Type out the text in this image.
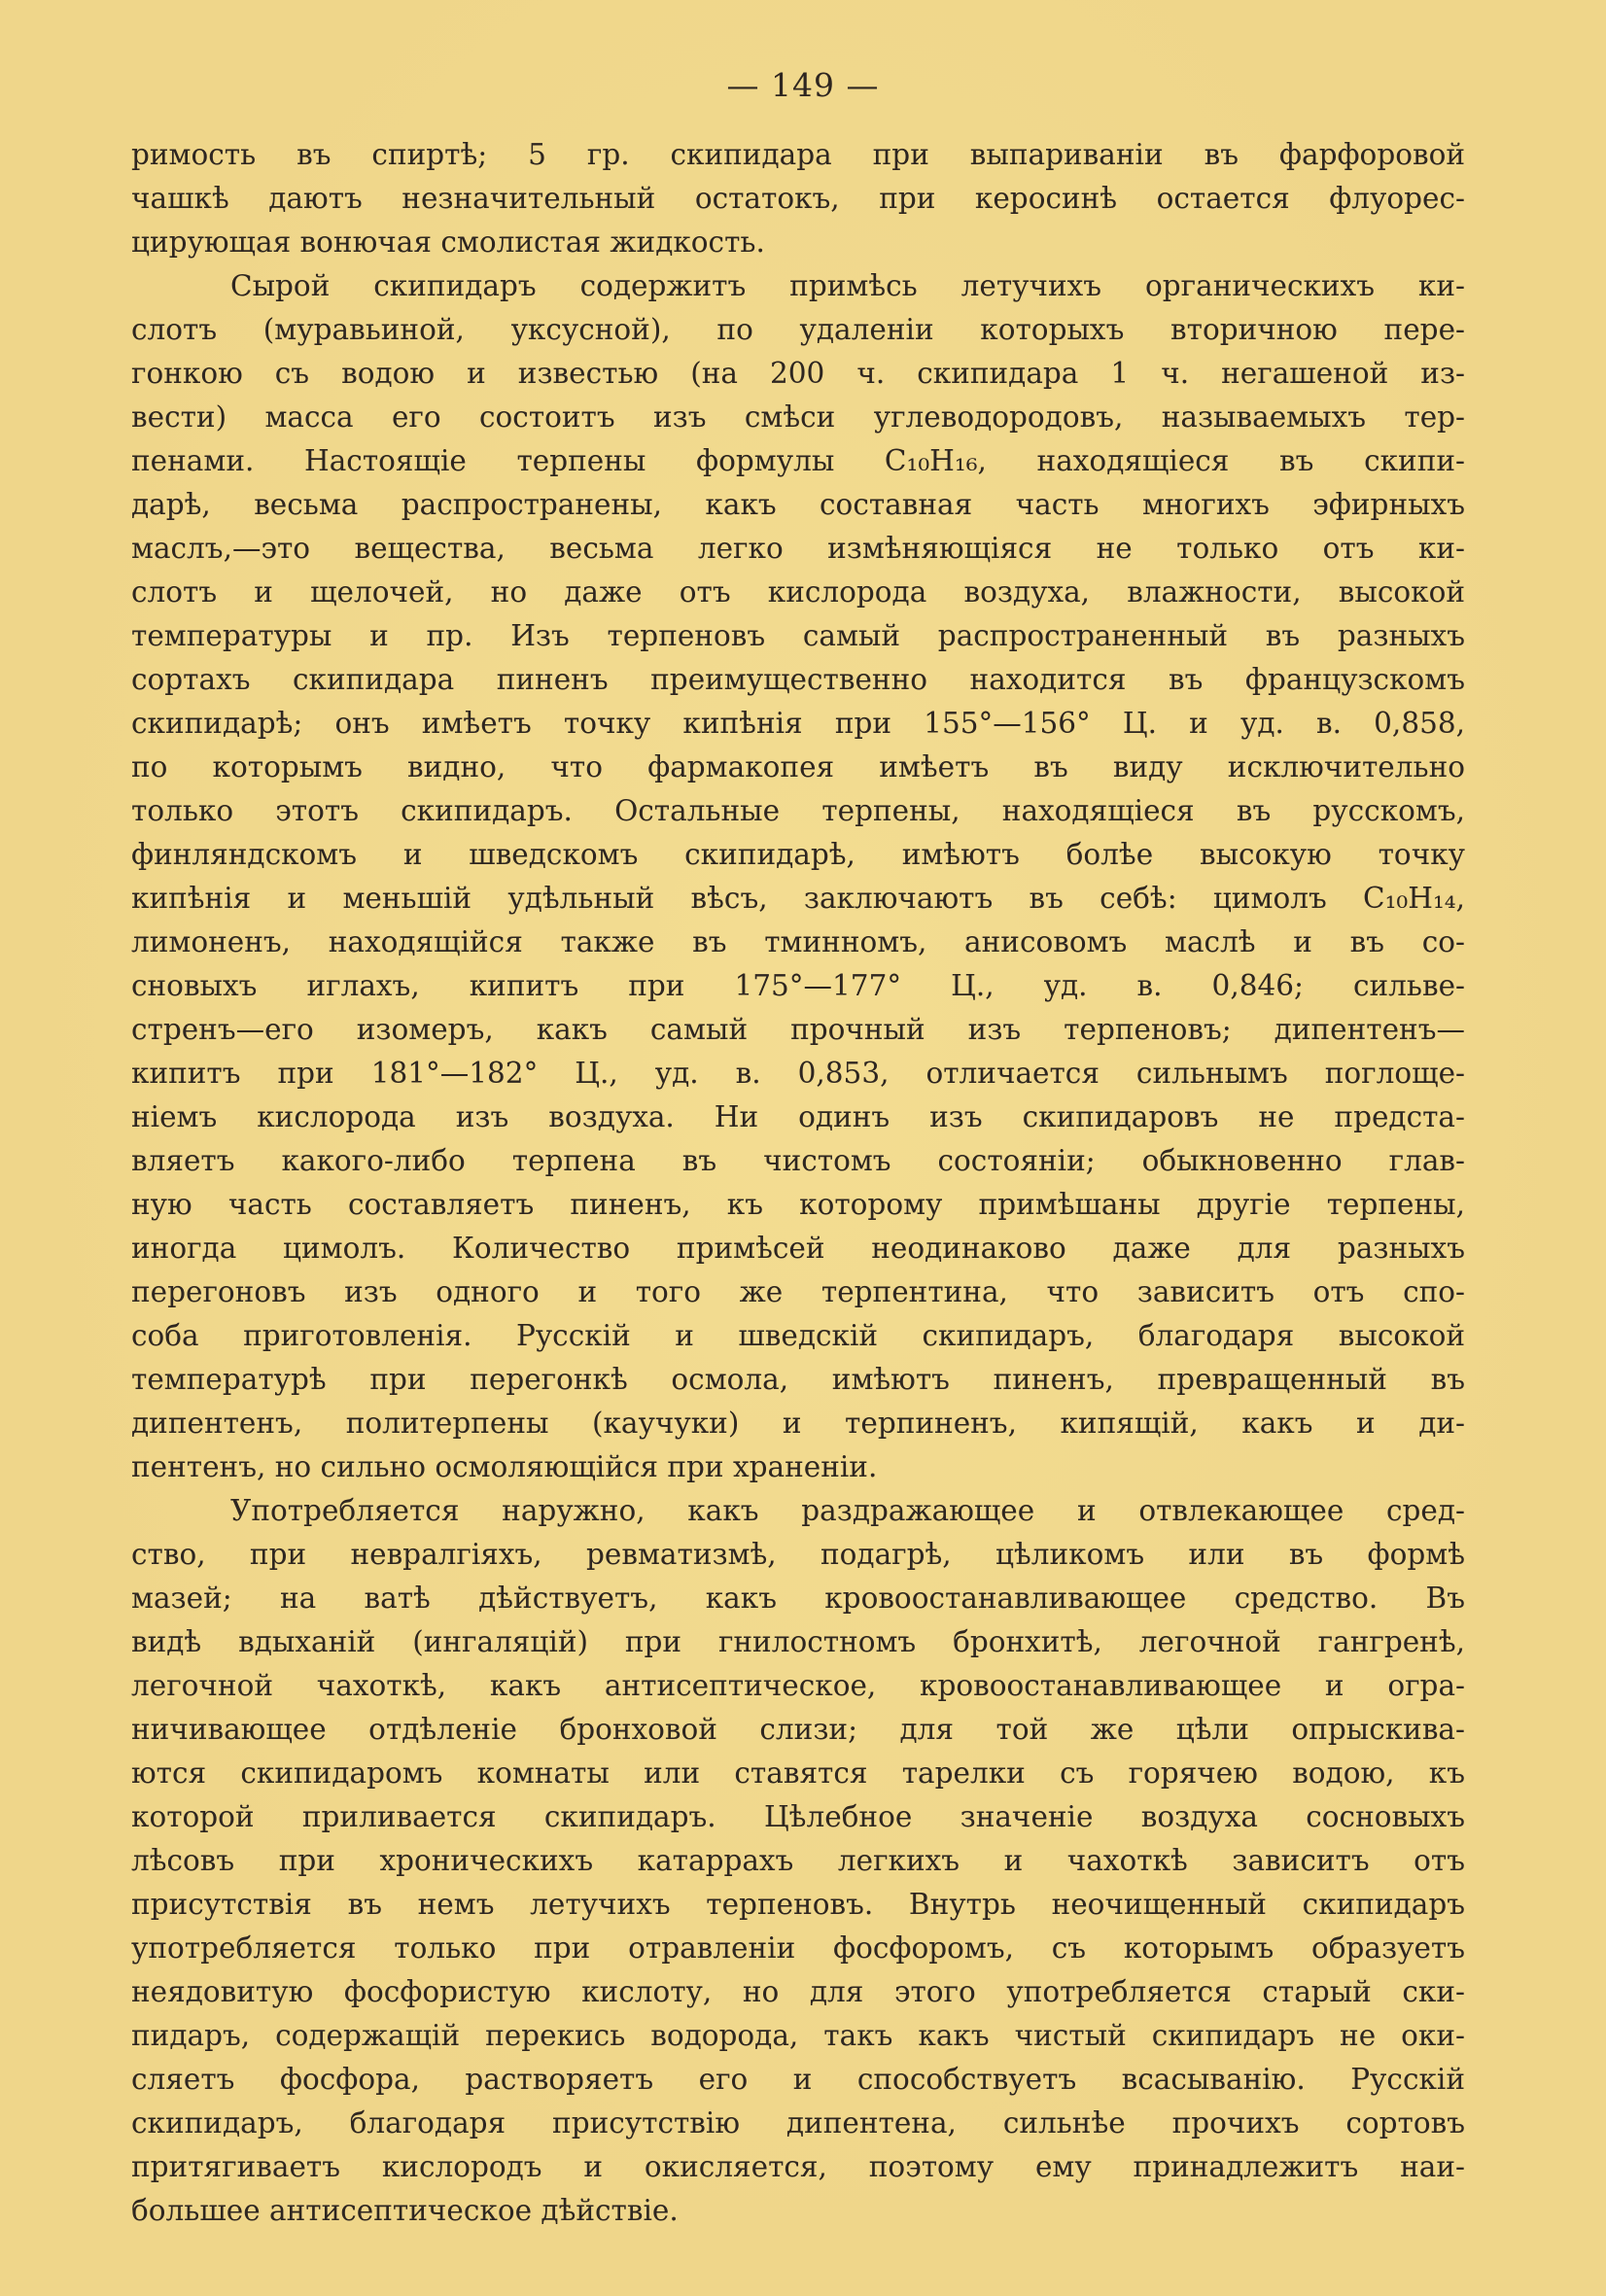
— 149 —
римость въ спиртѣ; 5 гр. скипидара при выпариваніи въ фарфоровой
чашкѣ даютъ незначительный остатокъ, при керосинѣ остается флуорес-
цирующая вонючая смолистая жидкость.
Сырой скипидаръ содержитъ примѣсь летучихъ органическихъ ки-
слотъ (муравьиной, уксусной), по удаленіи которыхъ вторичною пере-
гонкою съ водою и известью (на 200 ч. скипидара 1 ч. негашеной из-
вести) масса его состоитъ изъ смѣси углеводородовъ, называемыхъ тер-
пенами. Настоящіе терпены формулы C₁₀H₁₆, находящіеся въ скипи-
дарѣ, весьма распространены, какъ составная часть многихъ эфирныхъ
маслъ,—это вещества, весьма легко измѣняющіяся не только отъ ки-
слотъ и щелочей, но даже отъ кислорода воздуха, влажности, высокой
температуры и пр. Изъ терпеновъ самый распространенный въ разныхъ
сортахъ скипидара пиненъ преимущественно находится въ французскомъ
скипидарѣ; онъ имѣетъ точку кипѣнія при 155°—156° Ц. и уд. в. 0,858,
по которымъ видно, что фармакопея имѣетъ въ виду исключительно
только этотъ скипидаръ. Остальные терпены, находящіеся въ русскомъ,
финляндскомъ и шведскомъ скипидарѣ, имѣютъ болѣе высокую точку
кипѣнія и меньшій удѣльный вѣсъ, заключаютъ въ себѣ: цимолъ C₁₀H₁₄,
лимоненъ, находящійся также въ тминномъ, анисовомъ маслѣ и въ со-
сновыхъ иглахъ, кипитъ при 175°—177° Ц., уд. в. 0,846; сильве-
стренъ—его изомеръ, какъ самый прочный изъ терпеновъ; дипентенъ—
кипитъ при 181°—182° Ц., уд. в. 0,853, отличается сильнымъ поглоще-
ніемъ кислорода изъ воздуха. Ни одинъ изъ скипидаровъ не предста-
вляетъ какого-либо терпена въ чистомъ состояніи; обыкновенно глав-
ную часть составляетъ пиненъ, къ которому примѣшаны другіе терпены,
иногда цимолъ. Количество примѣсей неодинаково даже для разныхъ
перегоновъ изъ одного и того же терпентина, что зависитъ отъ спо-
соба приготовленія. Русскій и шведскій скипидаръ, благодаря высокой
температурѣ при перегонкѣ осмола, имѣютъ пиненъ, превращенный въ
дипентенъ, политерпены (каучуки) и терпиненъ, кипящій, какъ и ди-
пентенъ, но сильно осмоляющійся при храненіи.
Употребляется наружно, какъ раздражающее и отвлекающее сред-
ство, при невралгіяхъ, ревматизмѣ, подагрѣ, цѣликомъ или въ формѣ
мазей; на ватѣ дѣйствуетъ, какъ кровоостанавливающее средство. Въ
видѣ вдыханій (ингаляцій) при гнилостномъ бронхитѣ, легочной гангренѣ,
легочной чахоткѣ, какъ антисептическое, кровоостанавливающее и огра-
ничивающее отдѣленіе бронховой слизи; для той же цѣли опрыскива-
ются скипидаромъ комнаты или ставятся тарелки съ горячею водою, къ
которой приливается скипидаръ. Цѣлебное значеніе воздуха сосновыхъ
лѣсовъ при хроническихъ катаррахъ легкихъ и чахоткѣ зависитъ отъ
присутствія въ немъ летучихъ терпеновъ. Внутрь неочищенный скипидаръ
употребляется только при отравленіи фосфоромъ, съ которымъ образуетъ
неядовитую фосфористую кислоту, но для этого употребляется старый ски-
пидаръ, содержащій перекись водорода, такъ какъ чистый скипидаръ не оки-
сляетъ фосфора, растворяетъ его и способствуетъ всасыванію. Русскій
скипидаръ, благодаря присутствію дипентена, сильнѣе прочихъ сортовъ
притягиваетъ кислородъ и окисляется, поэтому ему принадлежитъ наи-
большее антисептическое дѣйствіе.
